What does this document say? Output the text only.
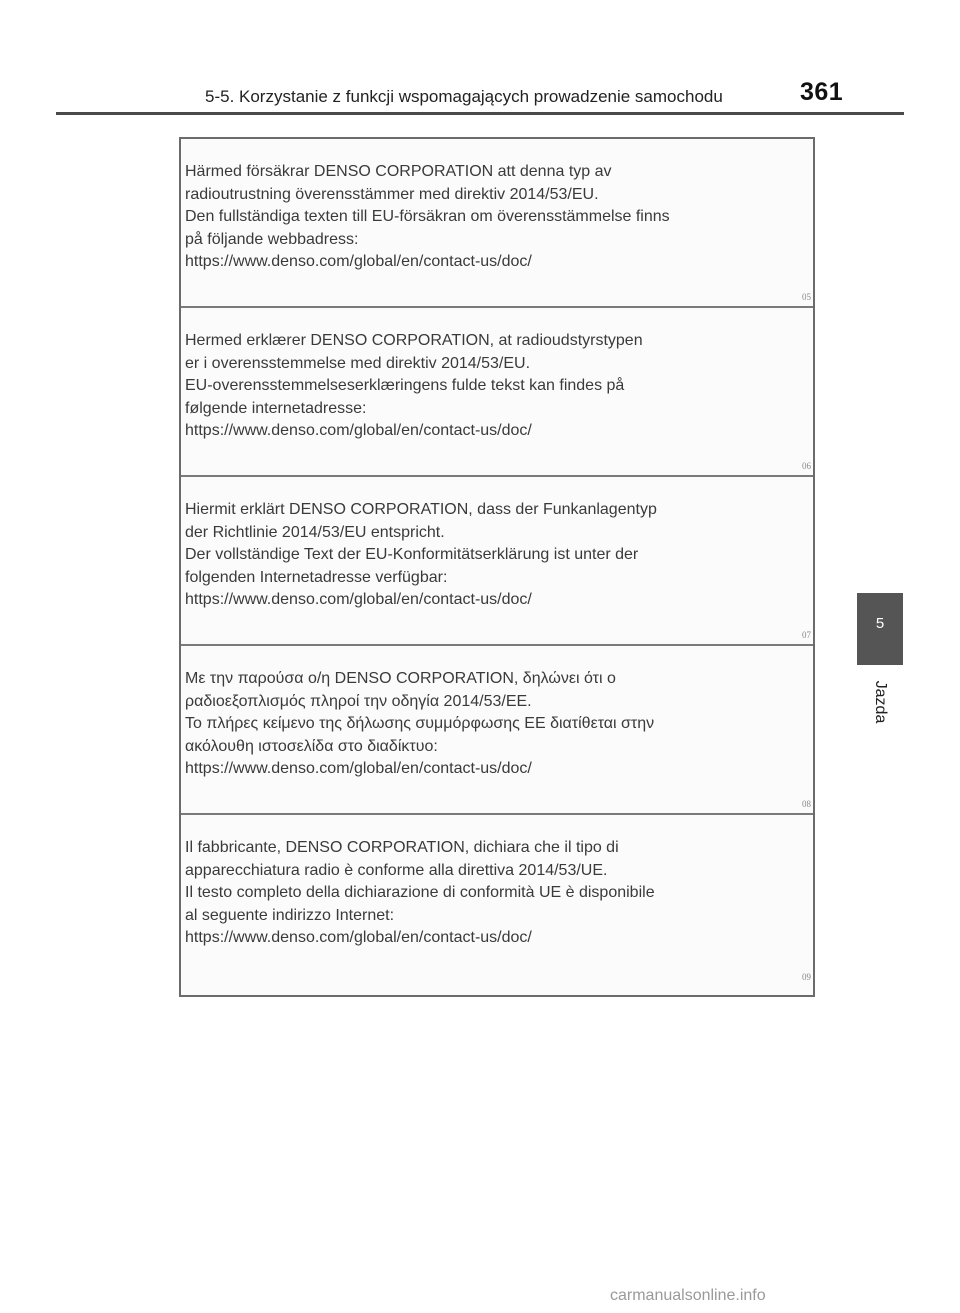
5-5. Korzystanie z funkcji wspomagających prowadzenie samochodu	361
5
Jazda
Härmed försäkrar DENSO CORPORATION att denna typ av
radioutrustning överensstämmer med direktiv 2014/53/EU.
Den fullständiga texten till EU-försäkran om överensstämmelse finns
på följande webbadress:
https://www.denso.com/global/en/contact-us/doc/
05
Hermed erklærer DENSO CORPORATION, at radioudstyrstypen
er i overensstemmelse med direktiv 2014/53/EU.
EU-overensstemmelseserklæringens fulde tekst kan findes på
følgende internetadresse:
https://www.denso.com/global/en/contact-us/doc/
06
Hiermit erklärt DENSO CORPORATION, dass der Funkanlagentyp
der Richtlinie 2014/53/EU entspricht.
Der vollständige Text der EU-Konformitätserklärung ist unter der
folgenden Internetadresse verfügbar:
https://www.denso.com/global/en/contact-us/doc/
07
Με την παρούσα ο/η DENSO CORPORATION, δηλώνει ότι ο
ραδιοεξοπλισμός πληροί την οδηγία 2014/53/ΕΕ.
Το πλήρες κείμενο της δήλωσης συμμόρφωσης ΕΕ διατίθεται στην
ακόλουθη ιστοσελίδα στο διαδίκτυο:
https://www.denso.com/global/en/contact-us/doc/
08
Il fabbricante, DENSO CORPORATION, dichiara che il tipo di
apparecchiatura radio è conforme alla direttiva 2014/53/UE.
Il testo completo della dichiarazione di conformità UE è disponibile
al seguente indirizzo Internet:
https://www.denso.com/global/en/contact-us/doc/
09
carmanualsonline.info
